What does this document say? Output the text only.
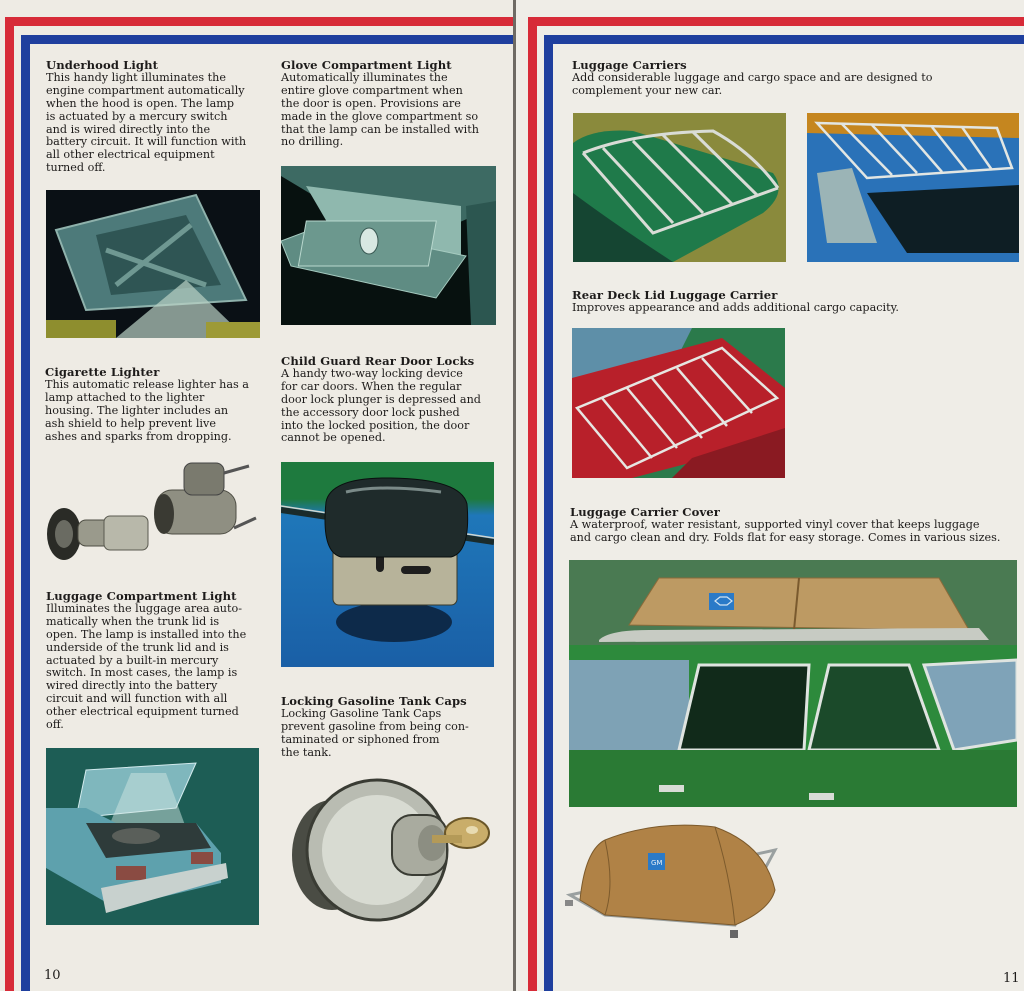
Underhood Light

This handy light illuminates the

engine compartment automatically

when the hood is open. The lamp

is actuated by a mercury switch

and is wired directly into the

battery circuit. It will function with

all other electrical equipment

turned off.

Glove Compartment Light

Automatically illuminates the

entire glove compartment when

the door is open. Provisions are

made in the glove compartment so

that the lamp can be installed with

no drilling.

Cigarette Lighter

This automatic release lighter has a

lamp attached to the lighter

housing. The lighter includes an

ash shield to help prevent live

ashes and sparks from dropping.

Child Guard Rear Door Locks

A handy two-way locking device

for car doors. When the regular

door lock plunger is depressed and

the accessory door lock pushed

into the locked position, the door

cannot be opened.

Luggage Compartment Light

Illuminates the luggage area auto-

matically when the trunk lid is

open. The lamp is installed into the

underside of the trunk lid and is

actuated by a built-in mercury

switch. In most cases, the lamp is

wired directly into the battery

circuit and will function with all

other electrical equipment turned

off.

Locking Gasoline Tank Caps

Locking Gasoline Tank Caps

prevent gasoline from being con-

taminated or siphoned from

the tank.

10
Luggage Carriers

Add considerable luggage and cargo space and are designed to

complement your new car.

Rear Deck Lid Luggage Carrier

Improves appearance and adds additional cargo capacity.

Luggage Carrier Cover

A waterproof, water resistant, supported vinyl cover that keeps luggage

and cargo clean and dry. Folds flat for easy storage. Comes in various sizes.

GM
11
